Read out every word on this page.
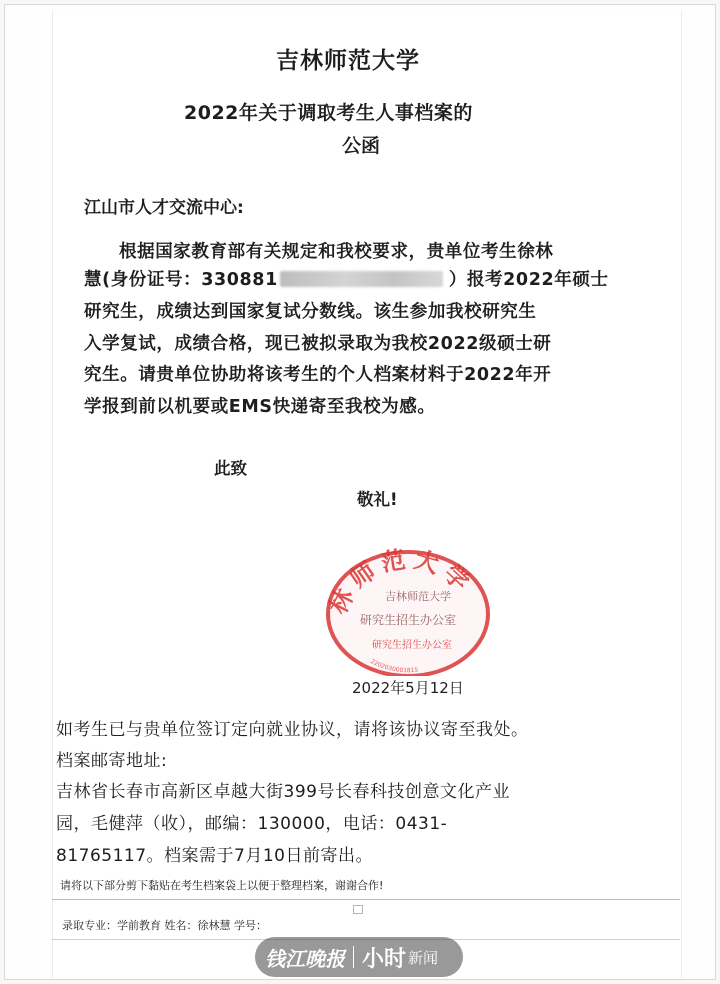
吉林师范大学
2022年关于调取考生人事档案的
公函
江山市人才交流中心:
根据国家教育部有关规定和我校要求，贵单位考生徐林
慧(身份证号：330881	）报考2022年硕士
研究生，成绩达到国家复试分数线。该生参加我校研究生
入学复试，成绩合格，现已被拟录取为我校2022级硕士研
究生。请贵单位协助将该考生的个人档案材料于2022年开
学报到前以机要或EMS快递寄至我校为感。
此致
敬礼!
林师范大学
吉林师范大学
研究生招生办公室
研究生招生办公室
2202030001815
2022年5月12日
如考生已与贵单位签订定向就业协议，请将该协议寄至我处。
档案邮寄地址:
吉林省长春市高新区卓越大街399号长春科技创意文化产业
园，毛健萍（收），邮编：130000，电话：0431-
81765117。档案需于7月10日前寄出。
请将以下部分剪下黏贴在考生档案袋上以便于整理档案，谢谢合作!
录取专业：学前教育 姓名：徐林慧 学号：
钱江晚报 小时 新闻
